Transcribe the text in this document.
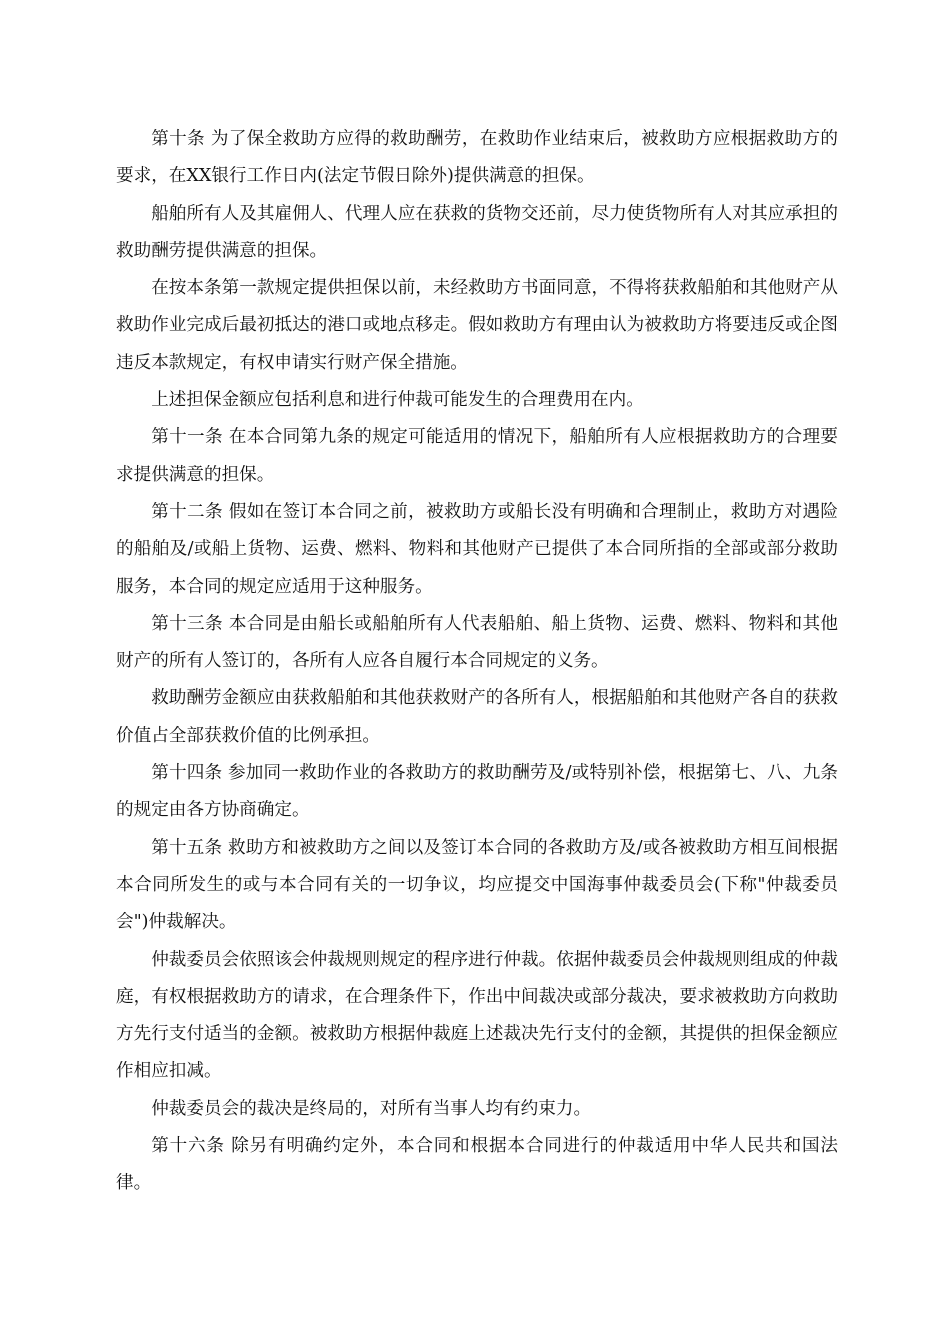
第十条 为了保全救助方应得的救助酬劳，在救助作业结束后，被救助方应根据救助方的要求，在XX银行工作日内(法定节假日除外)提供满意的担保。

船舶所有人及其雇佣人、代理人应在获救的货物交还前，尽力使货物所有人对其应承担的救助酬劳提供满意的担保。

在按本条第一款规定提供担保以前，未经救助方书面同意，不得将获救船舶和其他财产从救助作业完成后最初抵达的港口或地点移走。假如救助方有理由认为被救助方将要违反或企图违反本款规定，有权申请实行财产保全措施。

上述担保金额应包括利息和进行仲裁可能发生的合理费用在内。

第十一条 在本合同第九条的规定可能适用的情况下，船舶所有人应根据救助方的合理要求提供满意的担保。

第十二条 假如在签订本合同之前，被救助方或船长没有明确和合理制止，救助方对遇险的船舶及/或船上货物、运费、燃料、物料和其他财产已提供了本合同所指的全部或部分救助服务，本合同的规定应适用于这种服务。

第十三条 本合同是由船长或船舶所有人代表船舶、船上货物、运费、燃料、物料和其他财产的所有人签订的，各所有人应各自履行本合同规定的义务。

救助酬劳金额应由获救船舶和其他获救财产的各所有人，根据船舶和其他财产各自的获救价值占全部获救价值的比例承担。

第十四条 参加同一救助作业的各救助方的救助酬劳及/或特别补偿，根据第七、八、九条的规定由各方协商确定。

第十五条 救助方和被救助方之间以及签订本合同的各救助方及/或各被救助方相互间根据本合同所发生的或与本合同有关的一切争议，均应提交中国海事仲裁委员会(下称"仲裁委员会")仲裁解决。

仲裁委员会依照该会仲裁规则规定的程序进行仲裁。依据仲裁委员会仲裁规则组成的仲裁庭，有权根据救助方的请求，在合理条件下，作出中间裁决或部分裁决，要求被救助方向救助方先行支付适当的金额。被救助方根据仲裁庭上述裁决先行支付的金额，其提供的担保金额应作相应扣减。

仲裁委员会的裁决是终局的，对所有当事人均有约束力。

第十六条 除另有明确约定外，本合同和根据本合同进行的仲裁适用中华人民共和国法律。
